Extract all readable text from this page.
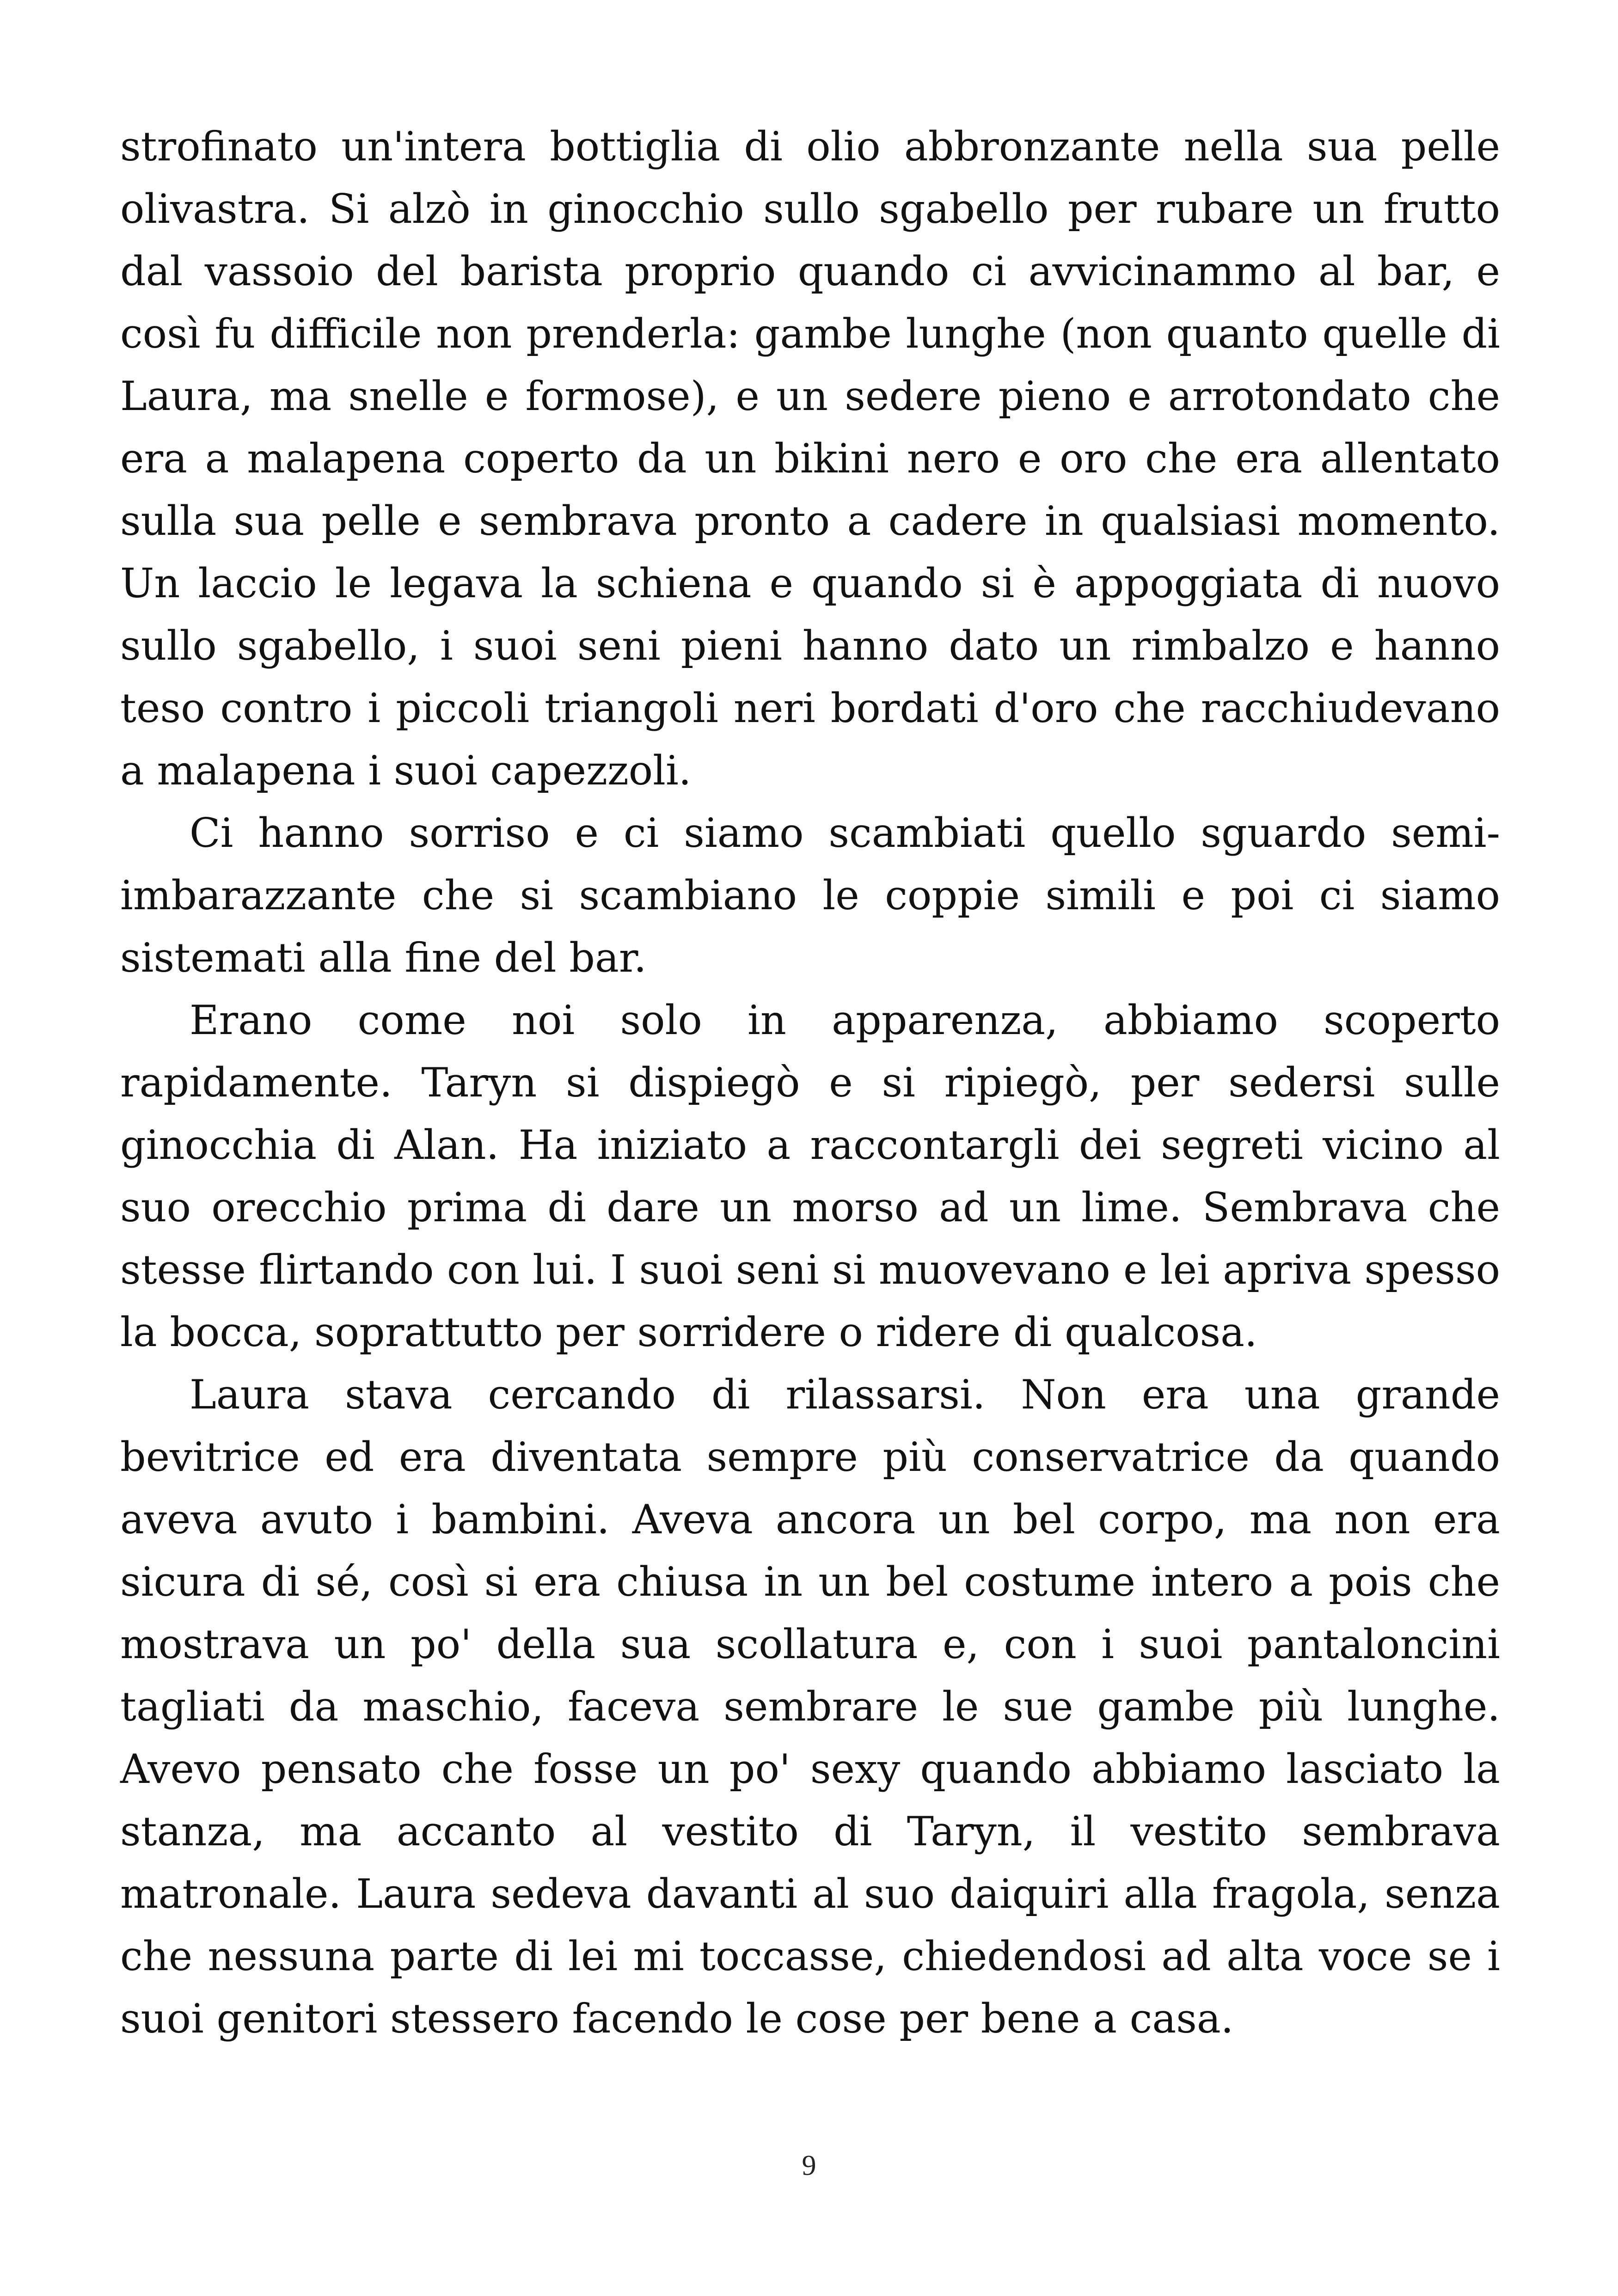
strofinato un'intera bottiglia di olio abbronzante nella sua pelle olivastra. Si alzò in ginocchio sullo sgabello per rubare un frutto dal vassoio del barista proprio quando ci avvicinammo al bar, e così fu difficile non prenderla: gambe lunghe (non quanto quelle di Laura, ma snelle e formose), e un sedere pieno e arrotondato che era a malapena coperto da un bikini nero e oro che era allentato sulla sua pelle e sembrava pronto a cadere in qualsiasi momento. Un laccio le legava la schiena e quando si è appoggiata di nuovo sullo sgabello, i suoi seni pieni hanno dato un rimbalzo e hanno teso contro i piccoli triangoli neri bordati d'oro che racchiudevano a malapena i suoi capezzoli.

Ci hanno sorriso e ci siamo scambiati quello sguardo semi-imbarazzante che si scambiano le coppie simili e poi ci siamo sistemati alla fine del bar.

Erano come noi solo in apparenza, abbiamo scoperto rapidamente. Taryn si dispiegò e si ripiegò, per sedersi sulle ginocchia di Alan. Ha iniziato a raccontargli dei segreti vicino al suo orecchio prima di dare un morso ad un lime. Sembrava che stesse flirtando con lui. I suoi seni si muovevano e lei apriva spesso la bocca, soprattutto per sorridere o ridere di qualcosa.

Laura stava cercando di rilassarsi. Non era una grande bevitrice ed era diventata sempre più conservatrice da quando aveva avuto i bambini. Aveva ancora un bel corpo, ma non era sicura di sé, così si era chiusa in un bel costume intero a pois che mostrava un po' della sua scollatura e, con i suoi pantaloncini tagliati da maschio, faceva sembrare le sue gambe più lunghe. Avevo pensato che fosse un po' sexy quando abbiamo lasciato la stanza, ma accanto al vestito di Taryn, il vestito sembrava matronale. Laura sedeva davanti al suo daiquiri alla fragola, senza che nessuna parte di lei mi toccasse, chiedendosi ad alta voce se i suoi genitori stessero facendo le cose per bene a casa.

9
